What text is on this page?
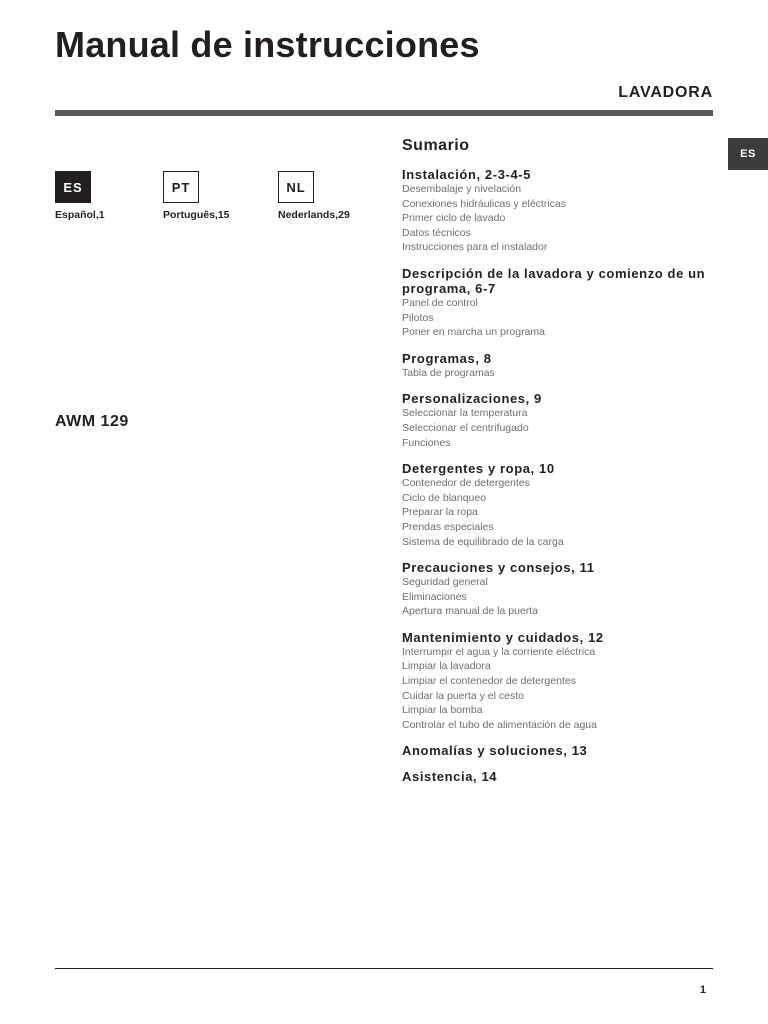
Manual de instrucciones
LAVADORA
ES
ES
Español,1
PT
Português,15
NL
Nederlands,29
AWM 129
Sumario
Instalación, 2-3-4-5
Desembalaje y nivelación
Conexiones hidráulicas y eléctricas
Primer ciclo de lavado
Datos técnicos
Instrucciones para el instalador
Descripción de la lavadora y comienzo de un programa, 6-7
Panel de control
Pilotos
Poner en marcha un programa
Programas, 8
Tabla de programas
Personalizaciones, 9
Seleccionar la temperatura
Seleccionar el centrifugado
Funciones
Detergentes y ropa, 10
Contenedor de detergentes
Ciclo de blanqueo
Preparar la ropa
Prendas especiales
Sistema de equilibrado de la carga
Precauciones y consejos, 11
Seguridad general
Eliminaciones
Apertura manual de la puerta
Mantenimiento y cuidados, 12
Interrumpir el agua y la corriente eléctrica
Limpiar la lavadora
Limpiar el contenedor de detergentes
Cuidar la puerta y el cesto
Limpiar la bomba
Controlar el tubo de alimentación de agua
Anomalías y soluciones, 13
Asistencia, 14
1
